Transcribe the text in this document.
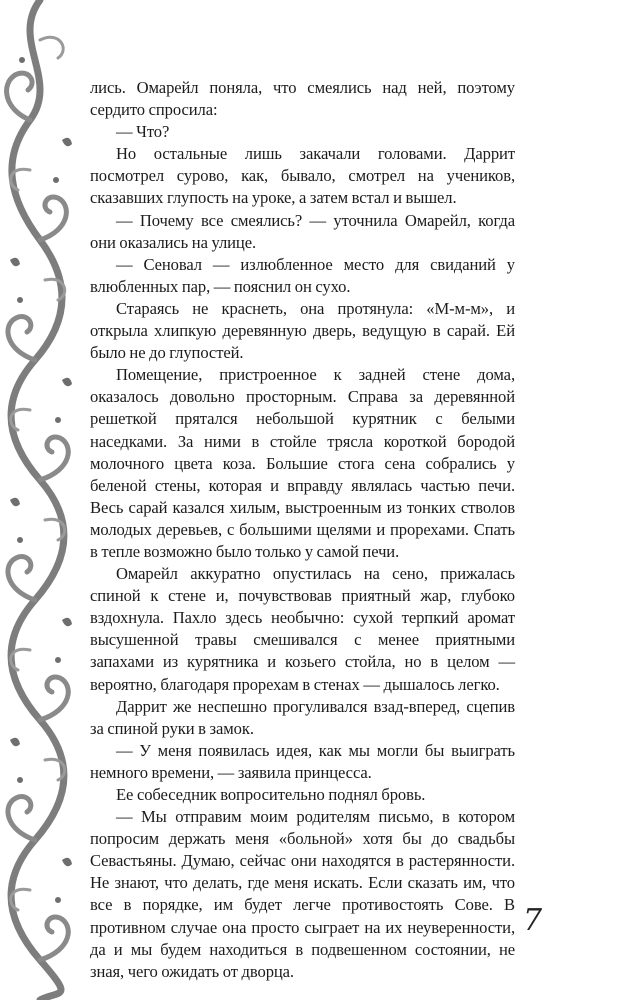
лись. Омарейл поняла, что смеялись над ней, поэтому сердито спросила:

— Что?

Но остальные лишь закачали головами. Даррит посмотрел сурово, как, бывало, смотрел на учеников, сказавших глупость на уроке, а затем встал и вышел.

— Почему все смеялись? — уточнила Омарейл, когда они оказались на улице.

— Сеновал — излюбленное место для свиданий у влюбленных пар, — пояснил он сухо.

Стараясь не краснеть, она протянула: «М-м-м», и открыла хлипкую деревянную дверь, ведущую в сарай. Ей было не до глупостей.

Помещение, пристроенное к задней стене дома, оказалось довольно просторным. Справа за деревянной решеткой прятался небольшой курятник с белыми наседками. За ними в стойле трясла короткой бородой молочного цвета коза. Большие стога сена собрались у беленой стены, которая и вправду являлась частью печи. Весь сарай казался хилым, выстроенным из тонких стволов молодых деревьев, с большими щелями и прорехами. Спать в тепле возможно было только у самой печи.

Омарейл аккуратно опустилась на сено, прижалась спиной к стене и, почувствовав приятный жар, глубоко вздохнула. Пахло здесь необычно: сухой терпкий аромат высушенной травы смешивался с менее приятными запахами из курятника и козьего стойла, но в целом — вероятно, благодаря прорехам в стенах — дышалось легко.

Даррит же неспешно прогуливался взад-вперед, сцепив за спиной руки в замок.

— У меня появилась идея, как мы могли бы выиграть немного времени, — заявила принцесса.

Ее собеседник вопросительно поднял бровь.

— Мы отправим моим родителям письмо, в котором попросим держать меня «больной» хотя бы до свадьбы Севастьяны. Думаю, сейчас они находятся в растерянности. Не знают, что делать, где меня искать. Если сказать им, что все в порядке, им будет легче противостоять Сове. В противном случае она просто сыграет на их неуверенности, да и мы будем находиться в подвешенном состоянии, не зная, чего ожидать от дворца.

7
